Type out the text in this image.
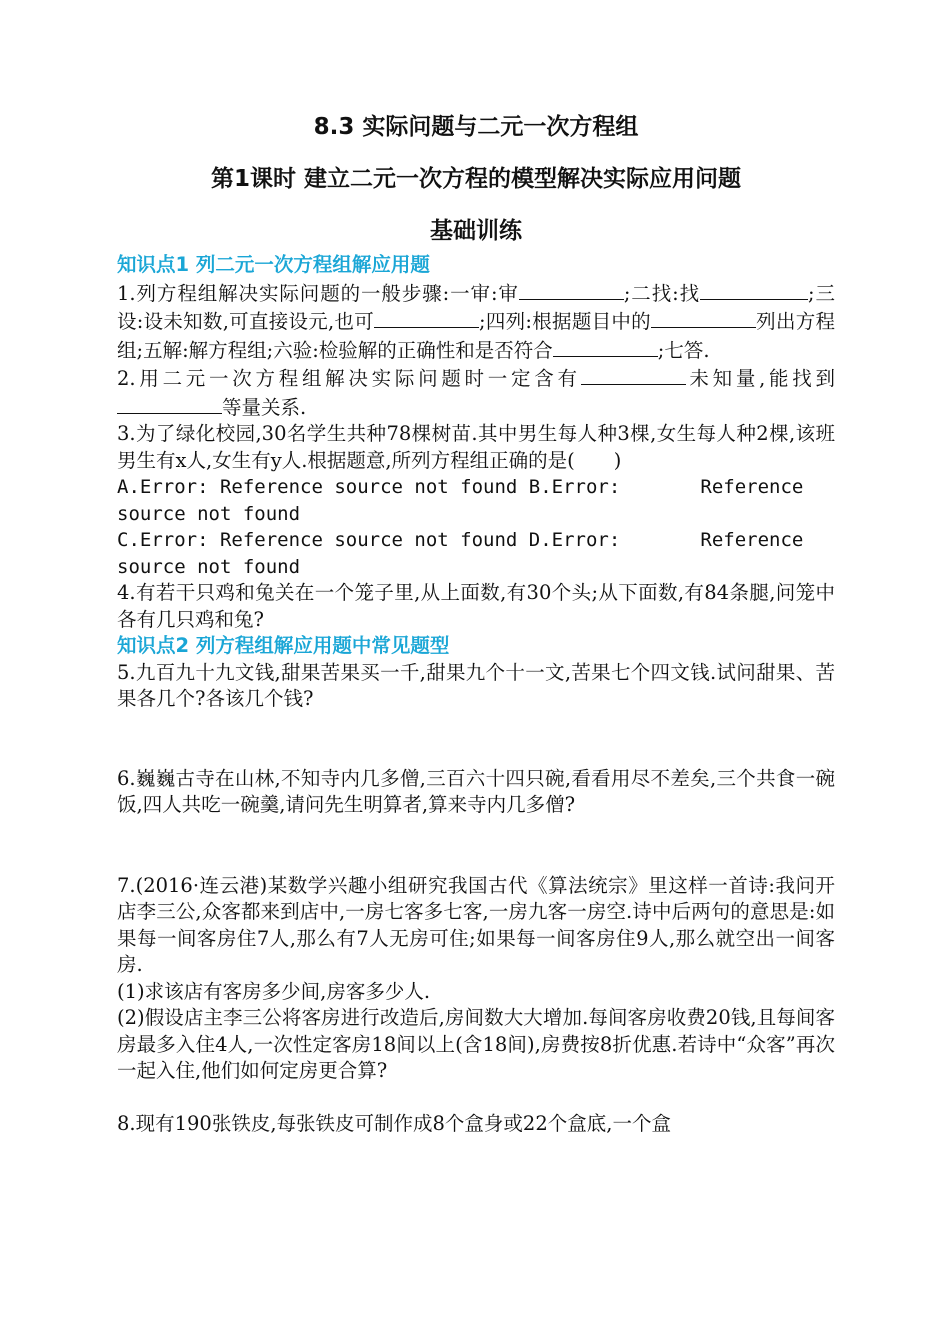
8.3 实际问题与二元一次方程组
第1课时 建立二元一次方程的模型解决实际应用问题
基础训练
知识点1 列二元一次方程组解应用题
1.列方程组解决实际问题的一般步骤:一审:审	;二找:找	;三设:设未知数,可直接设元,也可	;四列:根据题目中的	列出方程组;五解:解方程组;六验:检验解的正确性和是否符合	;七答.
2.用二元一次方程组解决实际问题时一定含有	未知量,能找到等量关系.
3.为了绿化校园,30名学生共种78棵树苗.其中男生每人种3棵,女生每人种2棵,该班男生有x人,女生有y人.根据题意,所列方程组正确的是(　　)
A.Error: Reference source not found B.Error:       Reference
source not found
C.Error: Reference source not found D.Error:       Reference
source not found
4.有若干只鸡和兔关在一个笼子里,从上面数,有30个头;从下面数,有84条腿,问笼中各有几只鸡和兔?
知识点2 列方程组解应用题中常见题型
5.九百九十九文钱,甜果苦果买一千,甜果九个十一文,苦果七个四文钱.试问甜果、苦果各几个?各该几个钱?
6.巍巍古寺在山林,不知寺内几多僧,三百六十四只碗,看看用尽不差矣,三个共食一碗饭,四人共吃一碗羹,请问先生明算者,算来寺内几多僧?
7.(2016·连云港)某数学兴趣小组研究我国古代《算法统宗》里这样一首诗:我问开店李三公,众客都来到店中,一房七客多七客,一房九客一房空.诗中后两句的意思是:如果每一间客房住7人,那么有7人无房可住;如果每一间客房住9人,那么就空出一间客房.
(1)求该店有客房多少间,房客多少人.
(2)假设店主李三公将客房进行改造后,房间数大大增加.每间客房收费20钱,且每间客房最多入住4人,一次性定客房18间以上(含18间),房费按8折优惠.若诗中“众客”再次一起入住,他们如何定房更合算?
8.现有190张铁皮,每张铁皮可制作成8个盒身或22个盒底,一个盒
